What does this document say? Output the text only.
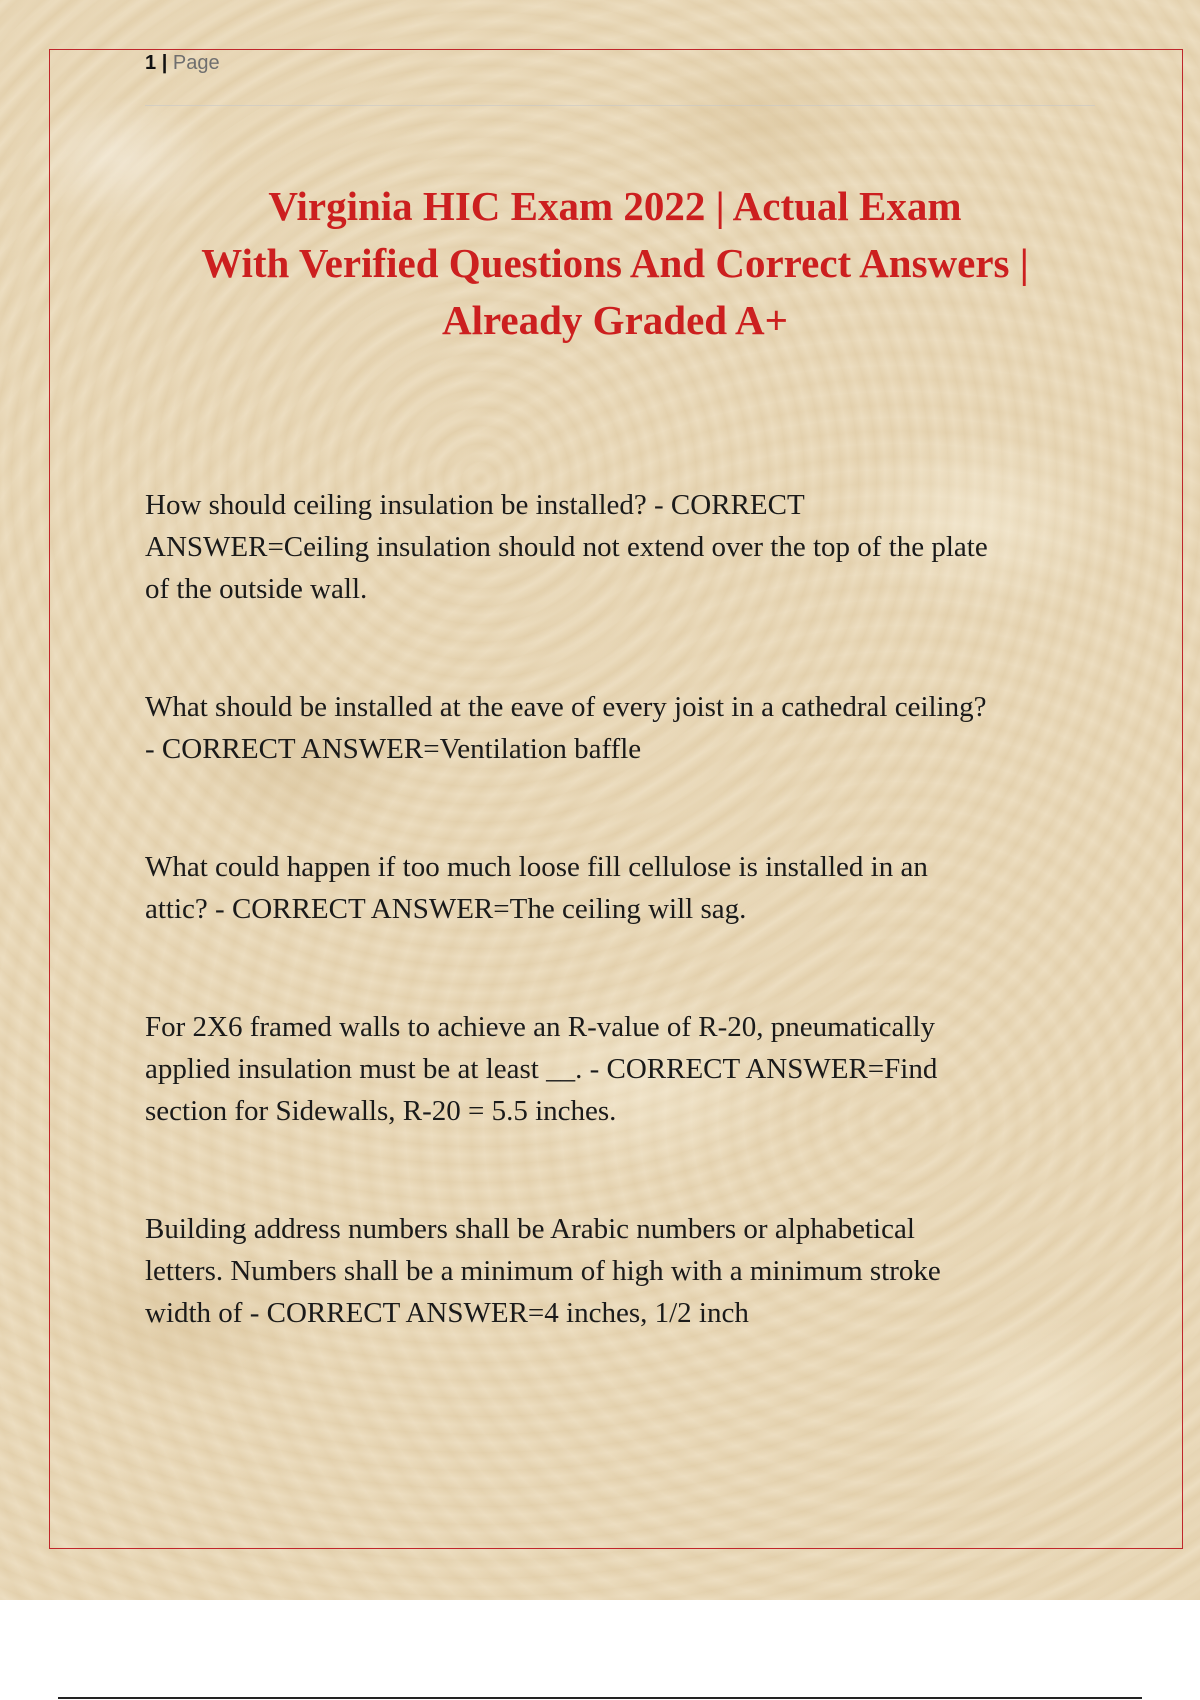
1 | Page
Virginia HIC Exam 2022 | Actual Exam
With Verified Questions And Correct Answers |
Already Graded A+

How should ceiling insulation be installed? - CORRECT
ANSWER=Ceiling insulation should not extend over the top of the plate
of the outside wall.

What should be installed at the eave of every joist in a cathedral ceiling?
- CORRECT ANSWER=Ventilation baffle

What could happen if too much loose fill cellulose is installed in an
attic? - CORRECT ANSWER=The ceiling will sag.

For 2X6 framed walls to achieve an R-value of R-20, pneumatically
applied insulation must be at least __. - CORRECT ANSWER=Find
section for Sidewalls, R-20 = 5.5 inches.

Building address numbers shall be Arabic numbers or alphabetical
letters. Numbers shall be a minimum of high with a minimum stroke
width of - CORRECT ANSWER=4 inches, 1/2 inch
